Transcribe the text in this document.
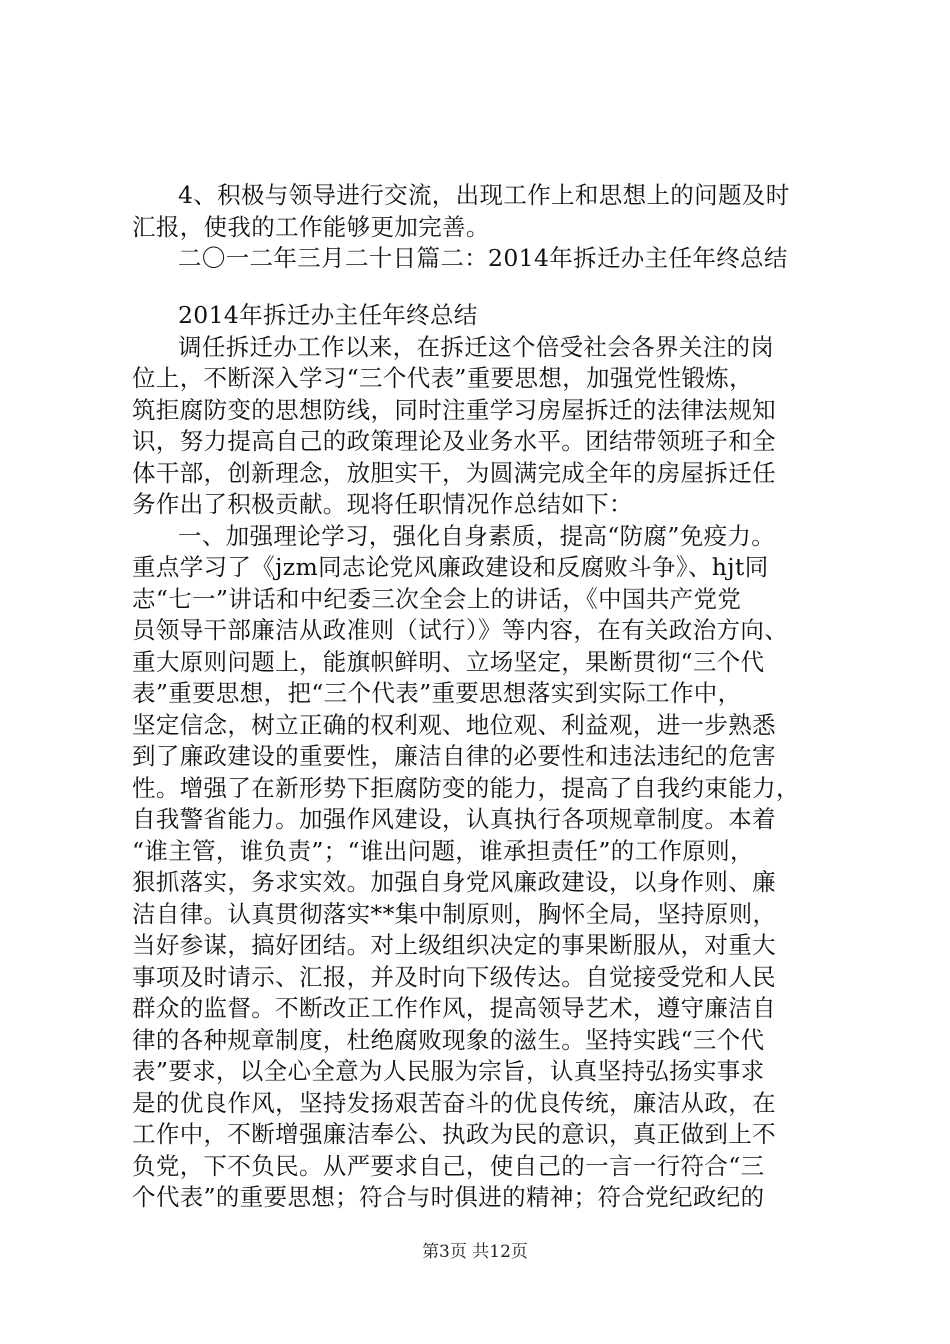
4、积极与领导进行交流，出现工作上和思想上的问题及时
汇报，使我的工作能够更加完善。
二〇一二年三月二十日篇二：2014年拆迁办主任年终总结
2014年拆迁办主任年终总结
调任拆迁办工作以来，在拆迁这个倍受社会各界关注的岗
位上，不断深入学习“三个代表”重要思想，加强党性锻炼，
筑拒腐防变的思想防线，同时注重学习房屋拆迁的法律法规知
识，努力提高自己的政策理论及业务水平。团结带领班子和全
体干部，创新理念，放胆实干，为圆满完成全年的房屋拆迁任
务作出了积极贡献。现将任职情况作总结如下：
一、加强理论学习，强化自身素质，提高“防腐”免疫力。
重点学习了《jzm同志论党风廉政建设和反腐败斗争》、hjt同
志“七一”讲话和中纪委三次全会上的讲话，《中国共产党党
员领导干部廉洁从政准则（试行）》等内容，在有关政治方向、
重大原则问题上，能旗帜鲜明、立场坚定，果断贯彻“三个代
表”重要思想，把“三个代表”重要思想落实到实际工作中，
坚定信念，树立正确的权利观、地位观、利益观，进一步熟悉
到了廉政建设的重要性，廉洁自律的必要性和违法违纪的危害
性。增强了在新形势下拒腐防变的能力，提高了自我约束能力，
自我警省能力。加强作风建设，认真执行各项规章制度。本着
“谁主管，谁负责”；“谁出问题，谁承担责任”的工作原则，
狠抓落实，务求实效。加强自身党风廉政建设，以身作则、廉
洁自律。认真贯彻落实**集中制原则，胸怀全局，坚持原则，
当好参谋，搞好团结。对上级组织决定的事果断服从，对重大
事项及时请示、汇报，并及时向下级传达。自觉接受党和人民
群众的监督。不断改正工作作风，提高领导艺术，遵守廉洁自
律的各种规章制度，杜绝腐败现象的滋生。坚持实践“三个代
表”要求，以全心全意为人民服为宗旨，认真坚持弘扬实事求
是的优良作风，坚持发扬艰苦奋斗的优良传统，廉洁从政，在
工作中，不断增强廉洁奉公、执政为民的意识，真正做到上不
负党，下不负民。从严要求自己，使自己的一言一行符合“三
个代表”的重要思想；符合与时俱进的精神；符合党纪政纪的
第3页 共12页
